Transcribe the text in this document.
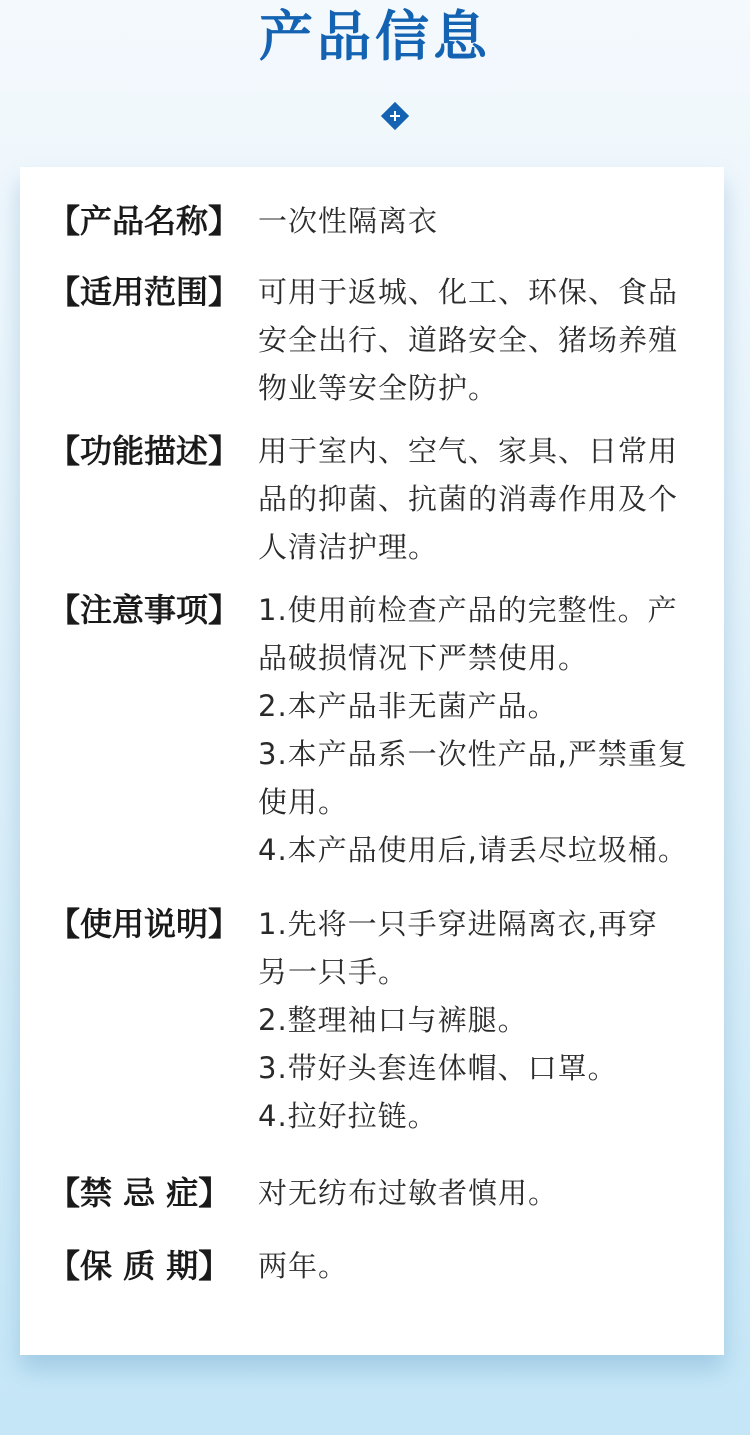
产品信息
【产品名称】 一次性隔离衣
【适用范围】 可用于返城、化工、环保、食品
安全出行、道路安全、猪场养殖
物业等安全防护。
【功能描述】 用于室内、空气、家具、日常用
品的抑菌、抗菌的消毒作用及个
人清洁护理。
【注意事项】 1.使用前检查产品的完整性。产
品破损情况下严禁使用。
2.本产品非无菌产品。
3.本产品系一次性产品,严禁重复
使用。
4.本产品使用后,请丢尽垃圾桶。
【使用说明】 1.先将一只手穿进隔离衣,再穿
另一只手。
2.整理袖口与裤腿。
3.带好头套连体帽、口罩。
4.拉好拉链。
【禁 忌 症】 对无纺布过敏者慎用。
【保 质 期】 两年。
